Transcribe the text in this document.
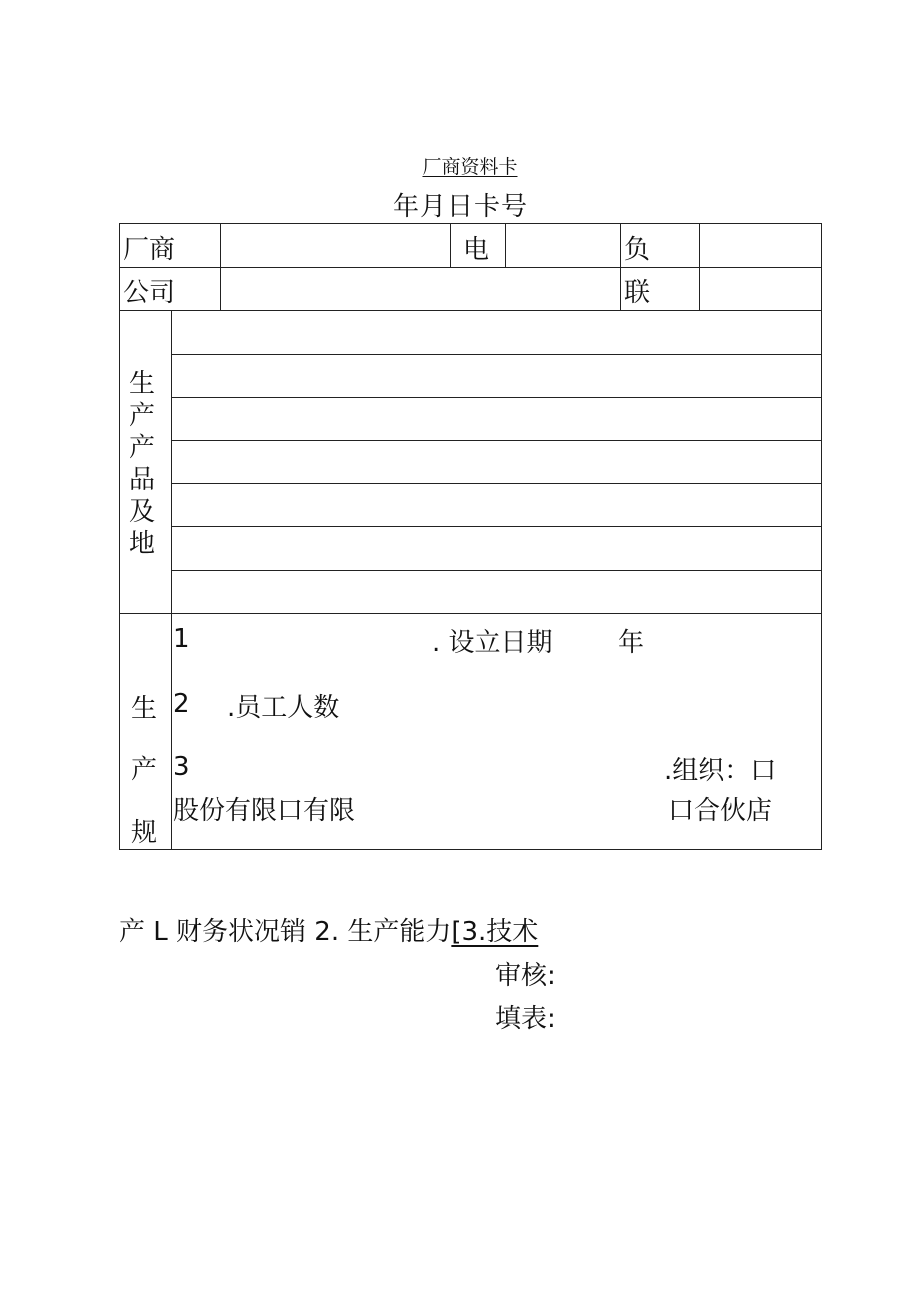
厂商资料卡
年月日卡号
厂商	电	负
公司	联
生
产
产
品
及
地
生
产
规
1	. 设立日期	年
2 .员工人数
3	.组织：口
股份有限口有限	口合伙店
产 L 财务状况销 2. 生产能力[3.技术
审核:
填表:
